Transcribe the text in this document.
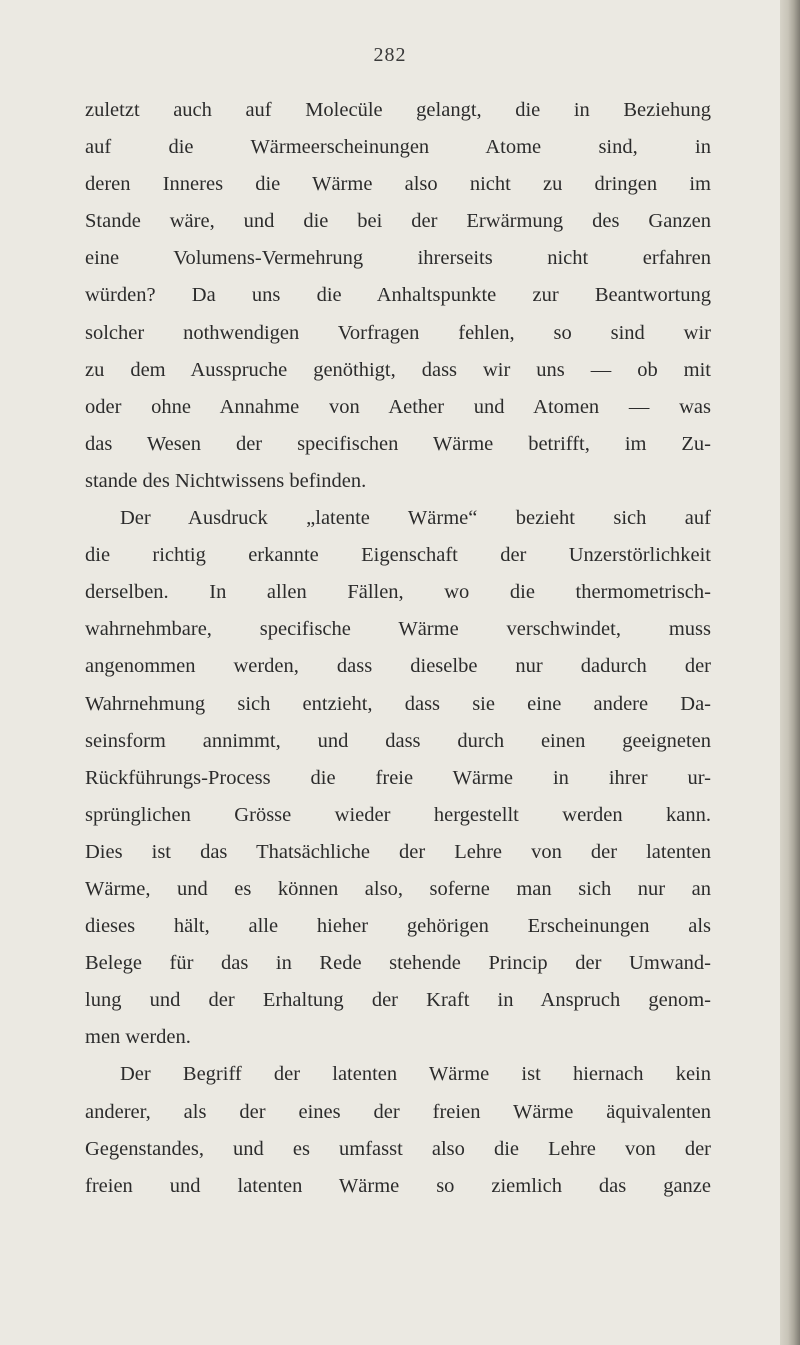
282
zuletzt auch auf Molecüle gelangt, die in Beziehung
auf die Wärmeerscheinungen Atome sind, in
deren Inneres die Wärme also nicht zu dringen im
Stande wäre, und die bei der Erwärmung des Ganzen
eine Volumens-Vermehrung ihrerseits nicht erfahren
würden? Da uns die Anhaltspunkte zur Beantwortung
solcher nothwendigen Vorfragen fehlen, so sind wir
zu dem Ausspruche genöthigt, dass wir uns — ob mit
oder ohne Annahme von Aether und Atomen — was
das Wesen der specifischen Wärme betrifft, im Zu-
stande des Nichtwissens befinden.
Der Ausdruck „latente Wärme“ bezieht sich auf
die richtig erkannte Eigenschaft der Unzerstörlichkeit
derselben. In allen Fällen, wo die thermometrisch-
wahrnehmbare, specifische Wärme verschwindet, muss
angenommen werden, dass dieselbe nur dadurch der
Wahrnehmung sich entzieht, dass sie eine andere Da-
seinsform annimmt, und dass durch einen geeigneten
Rückführungs-Process die freie Wärme in ihrer ur-
sprünglichen Grösse wieder hergestellt werden kann.
Dies ist das Thatsächliche der Lehre von der latenten
Wärme, und es können also, soferne man sich nur an
dieses hält, alle hieher gehörigen Erscheinungen als
Belege für das in Rede stehende Princip der Umwand-
lung und der Erhaltung der Kraft in Anspruch genom-
men werden.
Der Begriff der latenten Wärme ist hiernach kein
anderer, als der eines der freien Wärme äquivalenten
Gegenstandes, und es umfasst also die Lehre von der
freien und latenten Wärme so ziemlich das ganze
